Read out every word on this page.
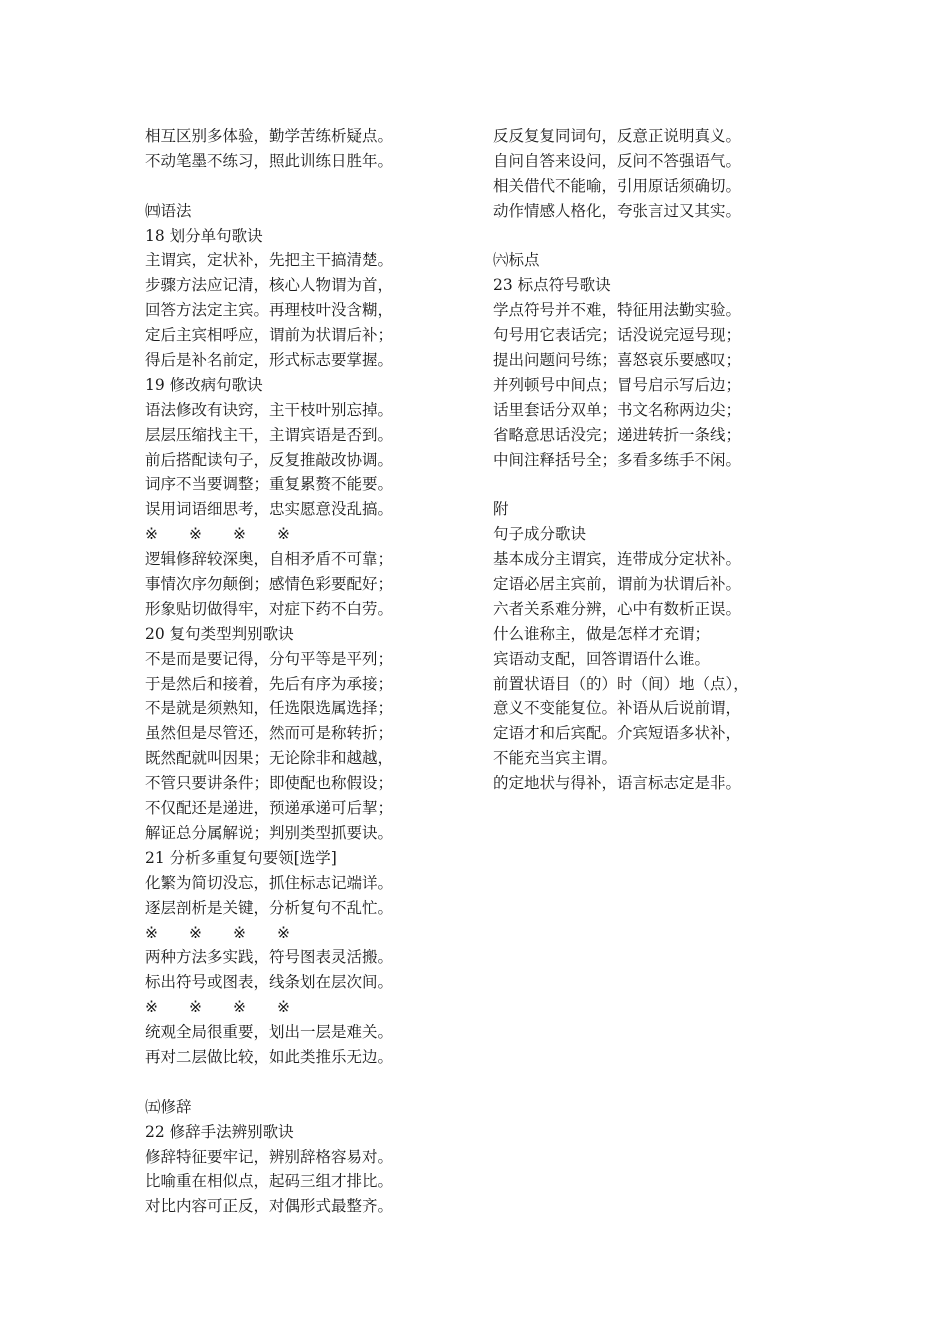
相互区别多体验，勤学苦练析疑点。
不动笔墨不练习，照此训练日胜年。
㈣语法
18 划分单句歌诀
主谓宾，定状补，先把主干搞清楚。
步骤方法应记清，核心人物谓为首，
回答方法定主宾。再理枝叶没含糊，
定后主宾相呼应，谓前为状谓后补；
得后是补名前定，形式标志要掌握。
19 修改病句歌诀
语法修改有诀窍，主干枝叶别忘掉。
层层压缩找主干，主谓宾语是否到。
前后搭配读句子，反复推敲改协调。
词序不当要调整；重复累赘不能要。
误用词语细思考，忠实愿意没乱搞。
※　　※　　※　　※
逻辑修辞较深奥，自相矛盾不可靠；
事情次序勿颠倒；感情色彩要配好；
形象贴切做得牢，对症下药不白劳。
20 复句类型判别歌诀
不是而是要记得，分句平等是平列；
于是然后和接着，先后有序为承接；
不是就是须熟知，任选限选属选择；
虽然但是尽管还，然而可是称转折；
既然配就叫因果；无论除非和越越，
不管只要讲条件；即使配也称假设；
不仅配还是递进，预递承递可后挈；
解证总分属解说；判别类型抓要诀。
21 分析多重复句要领[选学]
化繁为简切没忘，抓住标志记端详。
逐层剖析是关键，分析复句不乱忙。
※　　※　　※　　※
两种方法多实践，符号图表灵活搬。
标出符号或图表，线条划在层次间。
※　　※　　※　　※
统观全局很重要，划出一层是难关。
再对二层做比较，如此类推乐无边。
㈤修辞
22 修辞手法辨别歌诀
修辞特征要牢记，辨别辞格容易对。
比喻重在相似点，起码三组才排比。
对比内容可正反，对偶形式最整齐。
反反复复同词句，反意正说明真义。
自问自答来设问，反问不答强语气。
相关借代不能喻，引用原话须确切。
动作情感人格化，夸张言过又其实。
㈥标点
23 标点符号歌诀
学点符号并不难，特征用法勤实验。
句号用它表话完；话没说完逗号现；
提出问题问号练；喜怒哀乐要感叹；
并列顿号中间点；冒号启示写后边；
话里套话分双单；书文名称两边尖；
省略意思话没完；递进转折一条线；
中间注释括号全；多看多练手不闲。
附
句子成分歌诀
基本成分主谓宾，连带成分定状补。
定语必居主宾前，谓前为状谓后补。
六者关系难分辨，心中有数析正误。
什么谁称主，做是怎样才充谓；
宾语动支配，回答谓语什么谁。
前置状语目（的）时（间）地（点），
意义不变能复位。补语从后说前谓，
定语才和后宾配。介宾短语多状补，
不能充当宾主谓。
的定地状与得补，语言标志定是非。
